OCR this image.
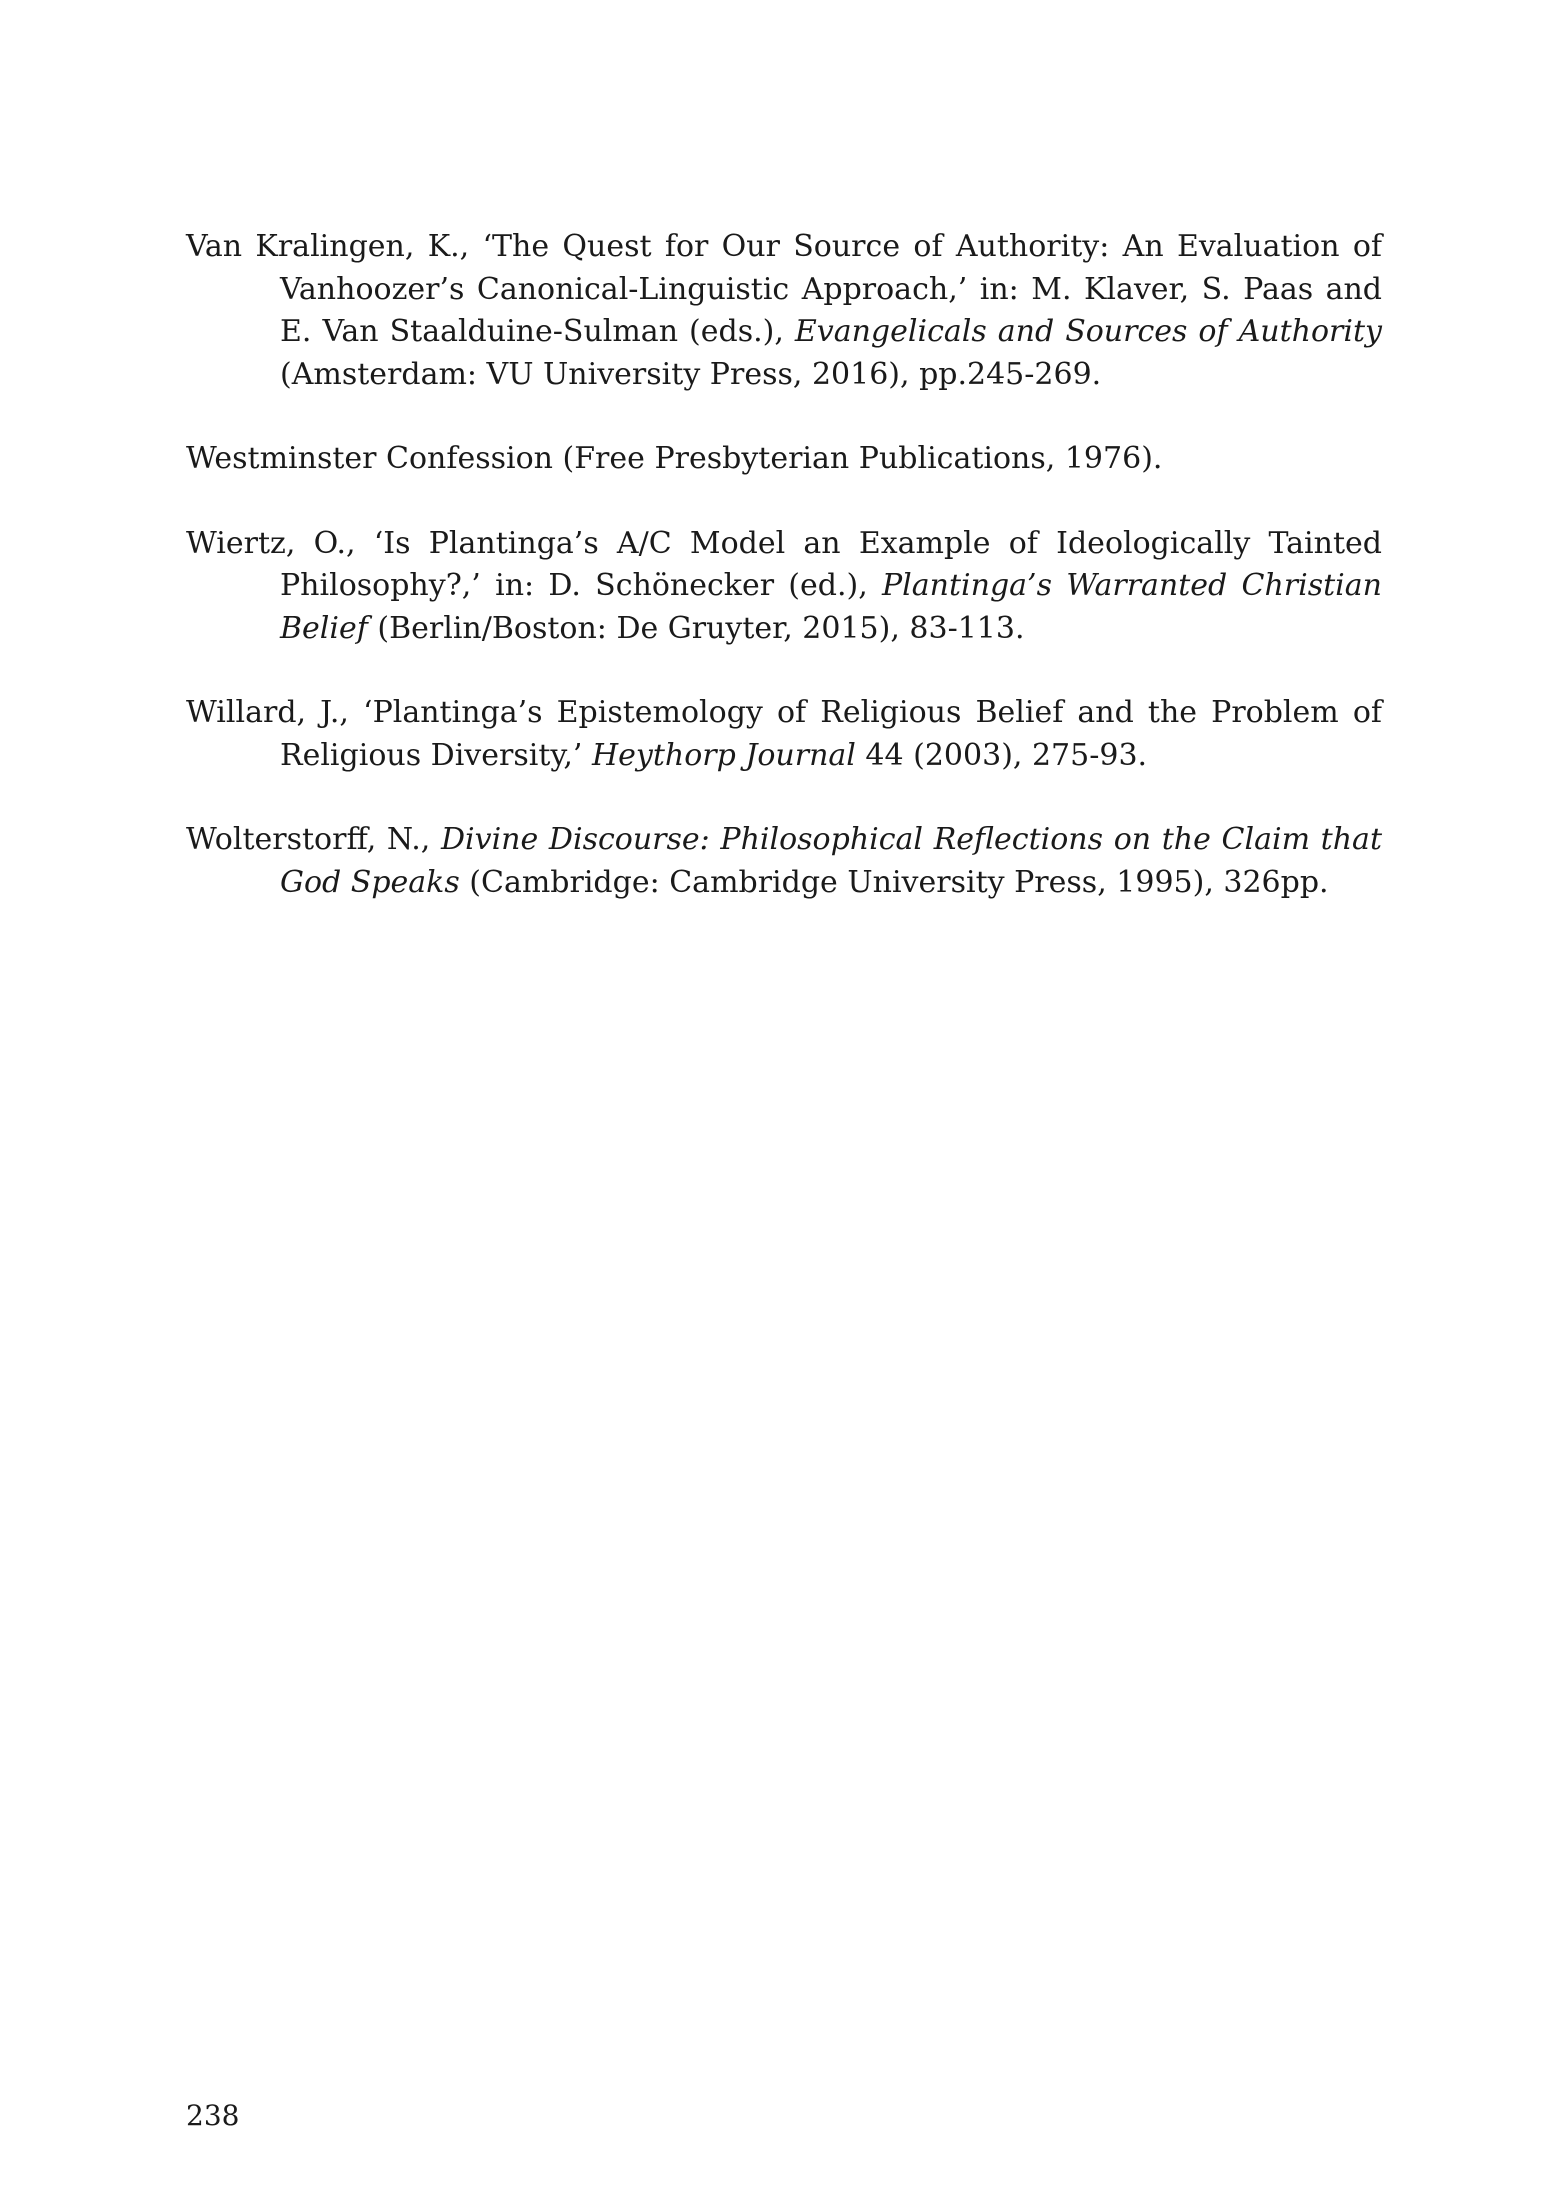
Van Kralingen, K., ‘The Quest for Our Source of Authority: An Evaluation of Vanhoozer’s Canonical-Linguistic Approach,’ in: M. Klaver, S. Paas and E. Van Staalduine-Sulman (eds.), Evangelicals and Sources of Authority (Amsterdam: VU University Press, 2016), pp.245-269.

Westminster Confession (Free Presbyterian Publications, 1976).

Wiertz, O., ‘Is Plantinga’s A/C Model an Example of Ideologically Tainted Philosophy?,’ in: D. Schönecker (ed.), Plantinga’s Warranted Christian Belief (Berlin/Boston: De Gruyter, 2015), 83-113.

Willard, J., ‘Plantinga’s Epistemology of Religious Belief and the Problem of Religious Diversity,’ Heythorp Journal 44 (2003), 275-93.

Wolterstorff, N., Divine Discourse: Philosophical Reflections on the Claim that God Speaks (Cambridge: Cambridge University Press, 1995), 326pp.

238
